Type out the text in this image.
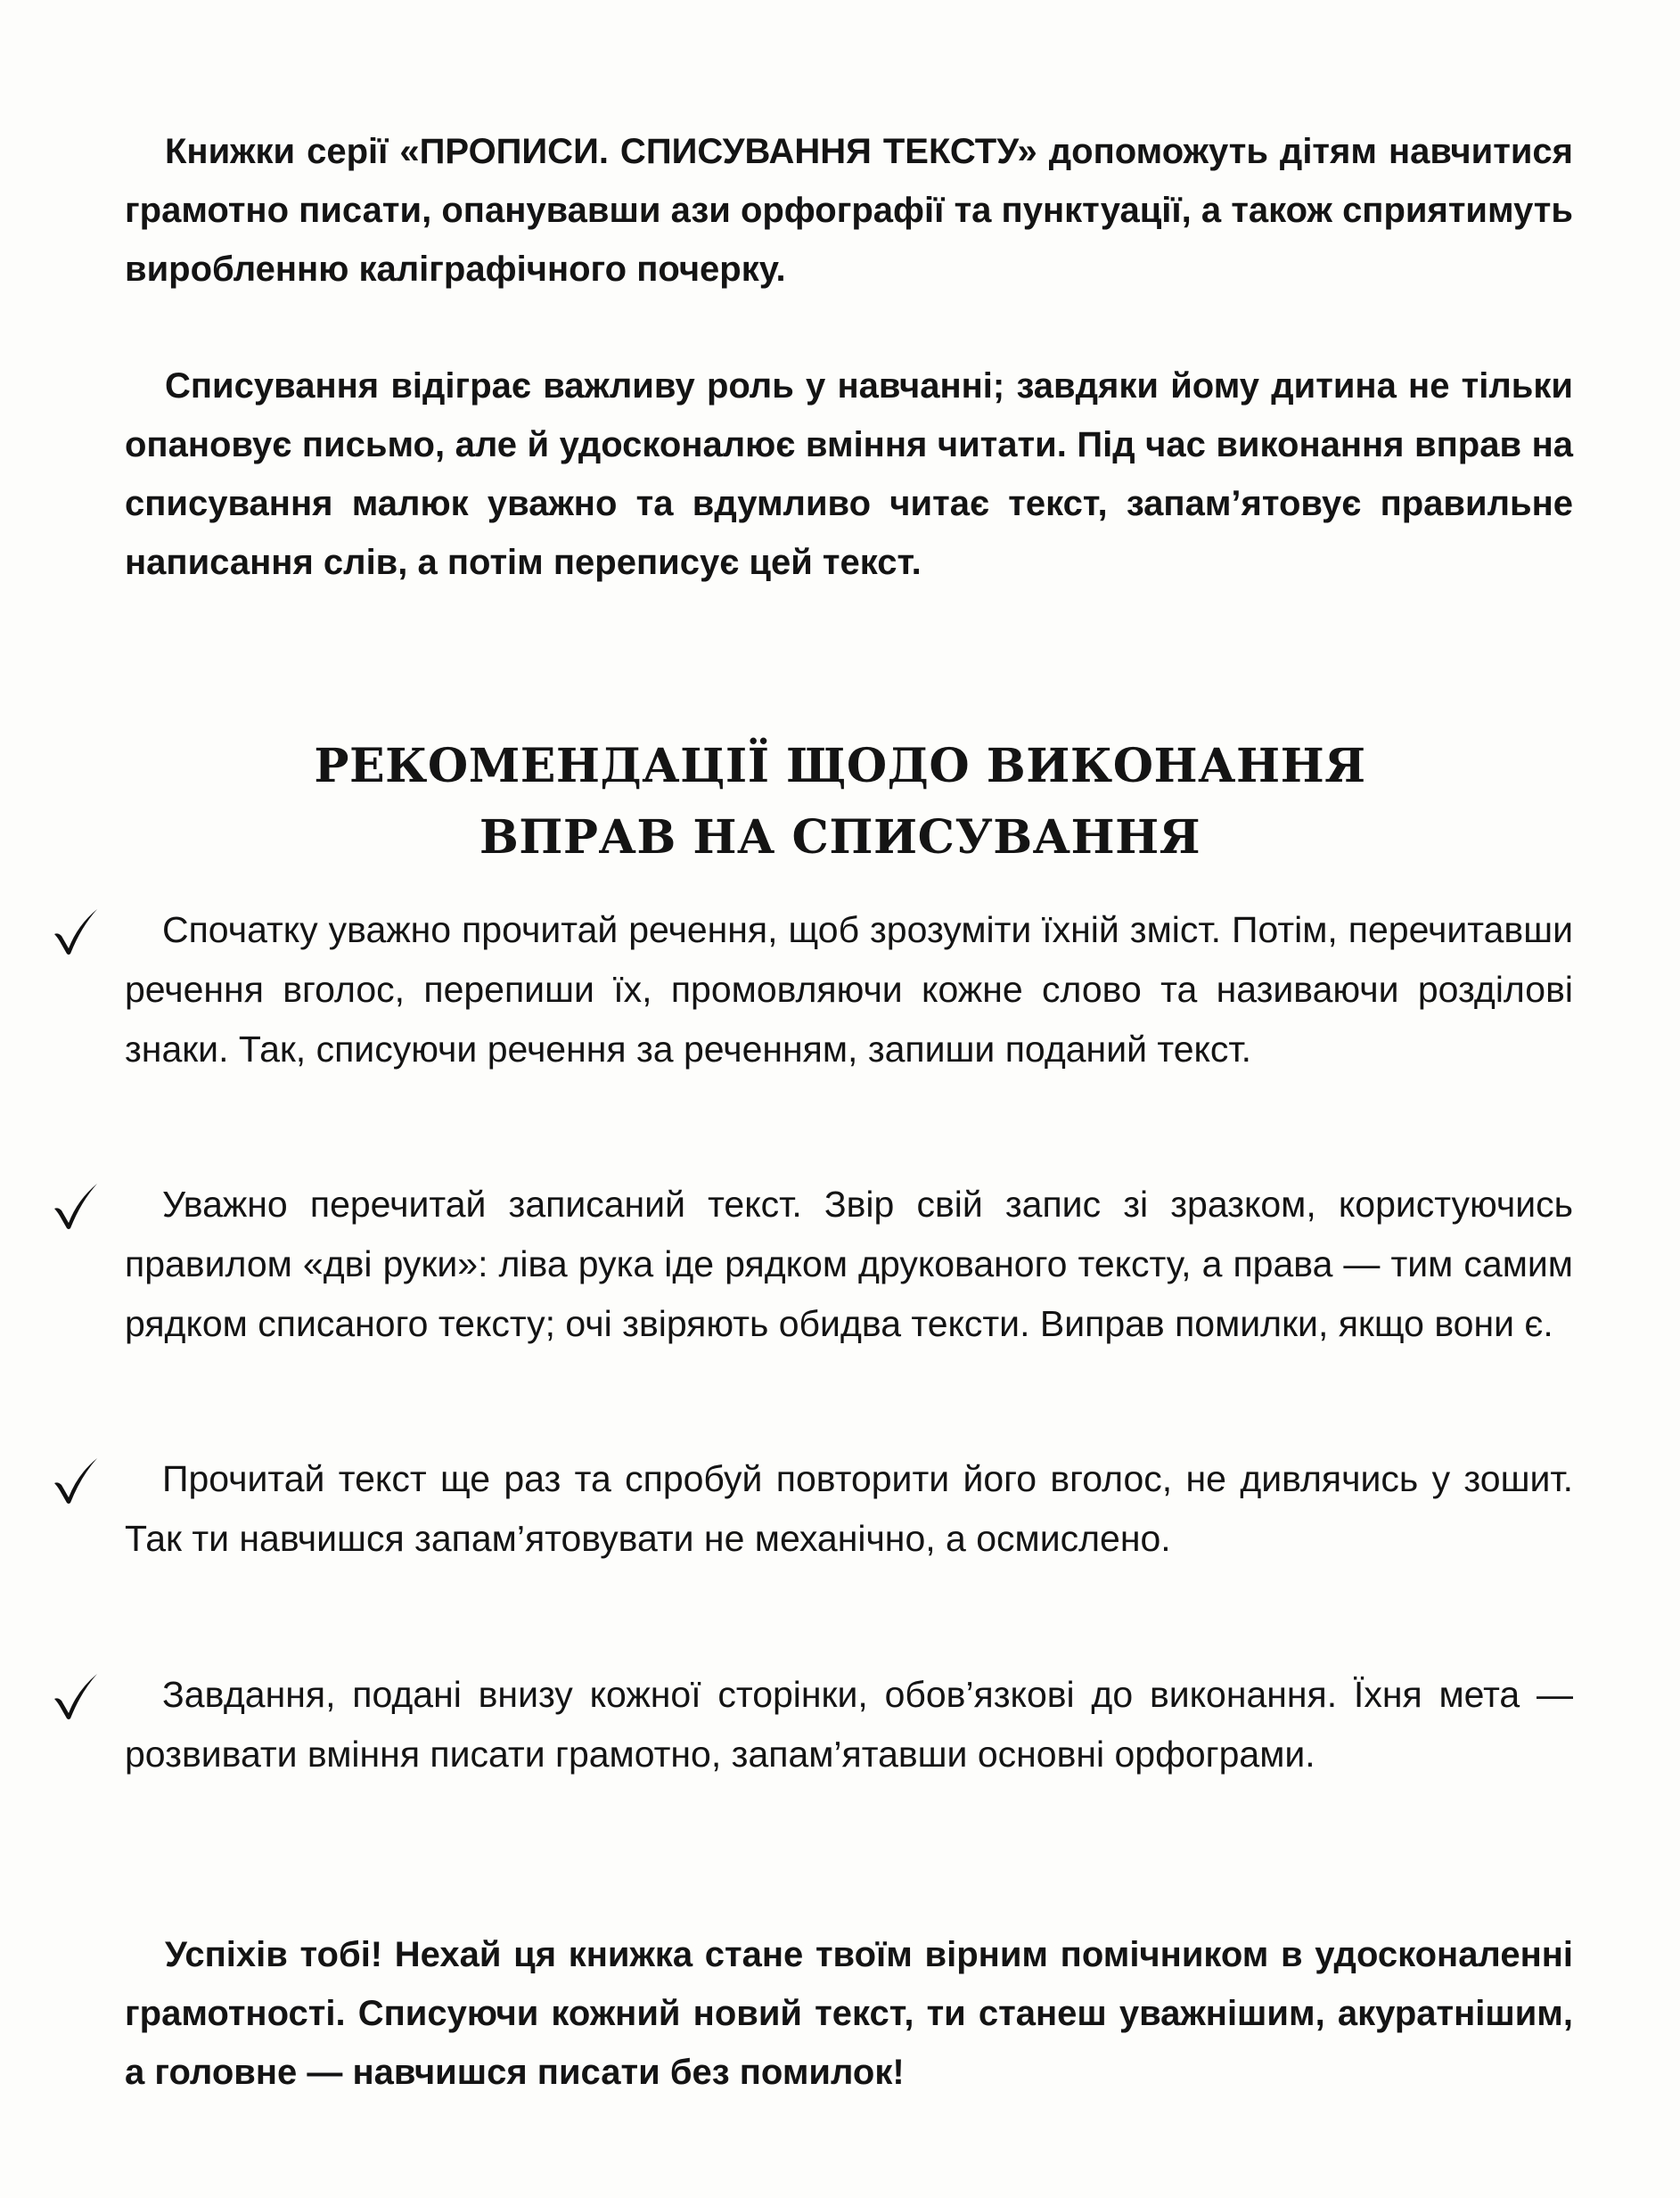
Книжки серії «ПРОПИСИ. СПИСУВАННЯ ТЕКСТУ» допоможуть дітям навчитися грамотно писати, опанувавши ази орфографії та пунктуації, а також сприятимуть виробленню каліграфічного почерку.

Списування відіграє важливу роль у навчанні; завдяки йому дитина не тільки опановує письмо, але й удосконалює вміння читати. Під час виконання вправ на списування малюк уважно та вдумливо читає текст, запам’ятовує правильне написання слів, а потім переписує цей текст.

РЕКОМЕНДАЦІЇ ЩОДО ВИКОНАННЯ
ВПРАВ НА СПИСУВАННЯ

Спочатку уважно прочитай речення, щоб зрозуміти їхній зміст. Потім, перечитавши речення вголос, перепиши їх, промовляючи кожне слово та називаючи розділові знаки. Так, списуючи речення за реченням, запиши поданий текст.

Уважно перечитай записаний текст. Звір свій запис зі зразком, користуючись правилом «дві руки»: ліва рука іде рядком друкованого тексту, а права — тим самим рядком списаного тексту; очі звіряють обидва тексти. Виправ помилки, якщо вони є.

Прочитай текст ще раз та спробуй повторити його вголос, не дивлячись у зошит. Так ти навчишся запам’ятовувати не механічно, а осмислено.

Завдання, подані внизу кожної сторінки, обов’язкові до виконання. Їхня мета — розвивати вміння писати грамотно, запам’ятавши основні орфограми.

Успіхів тобі! Нехай ця книжка стане твоїм вірним помічником в удосконаленні грамотності. Списуючи кожний новий текст, ти станеш уважнішим, акуратнішим, а головне — навчишся писати без помилок!
